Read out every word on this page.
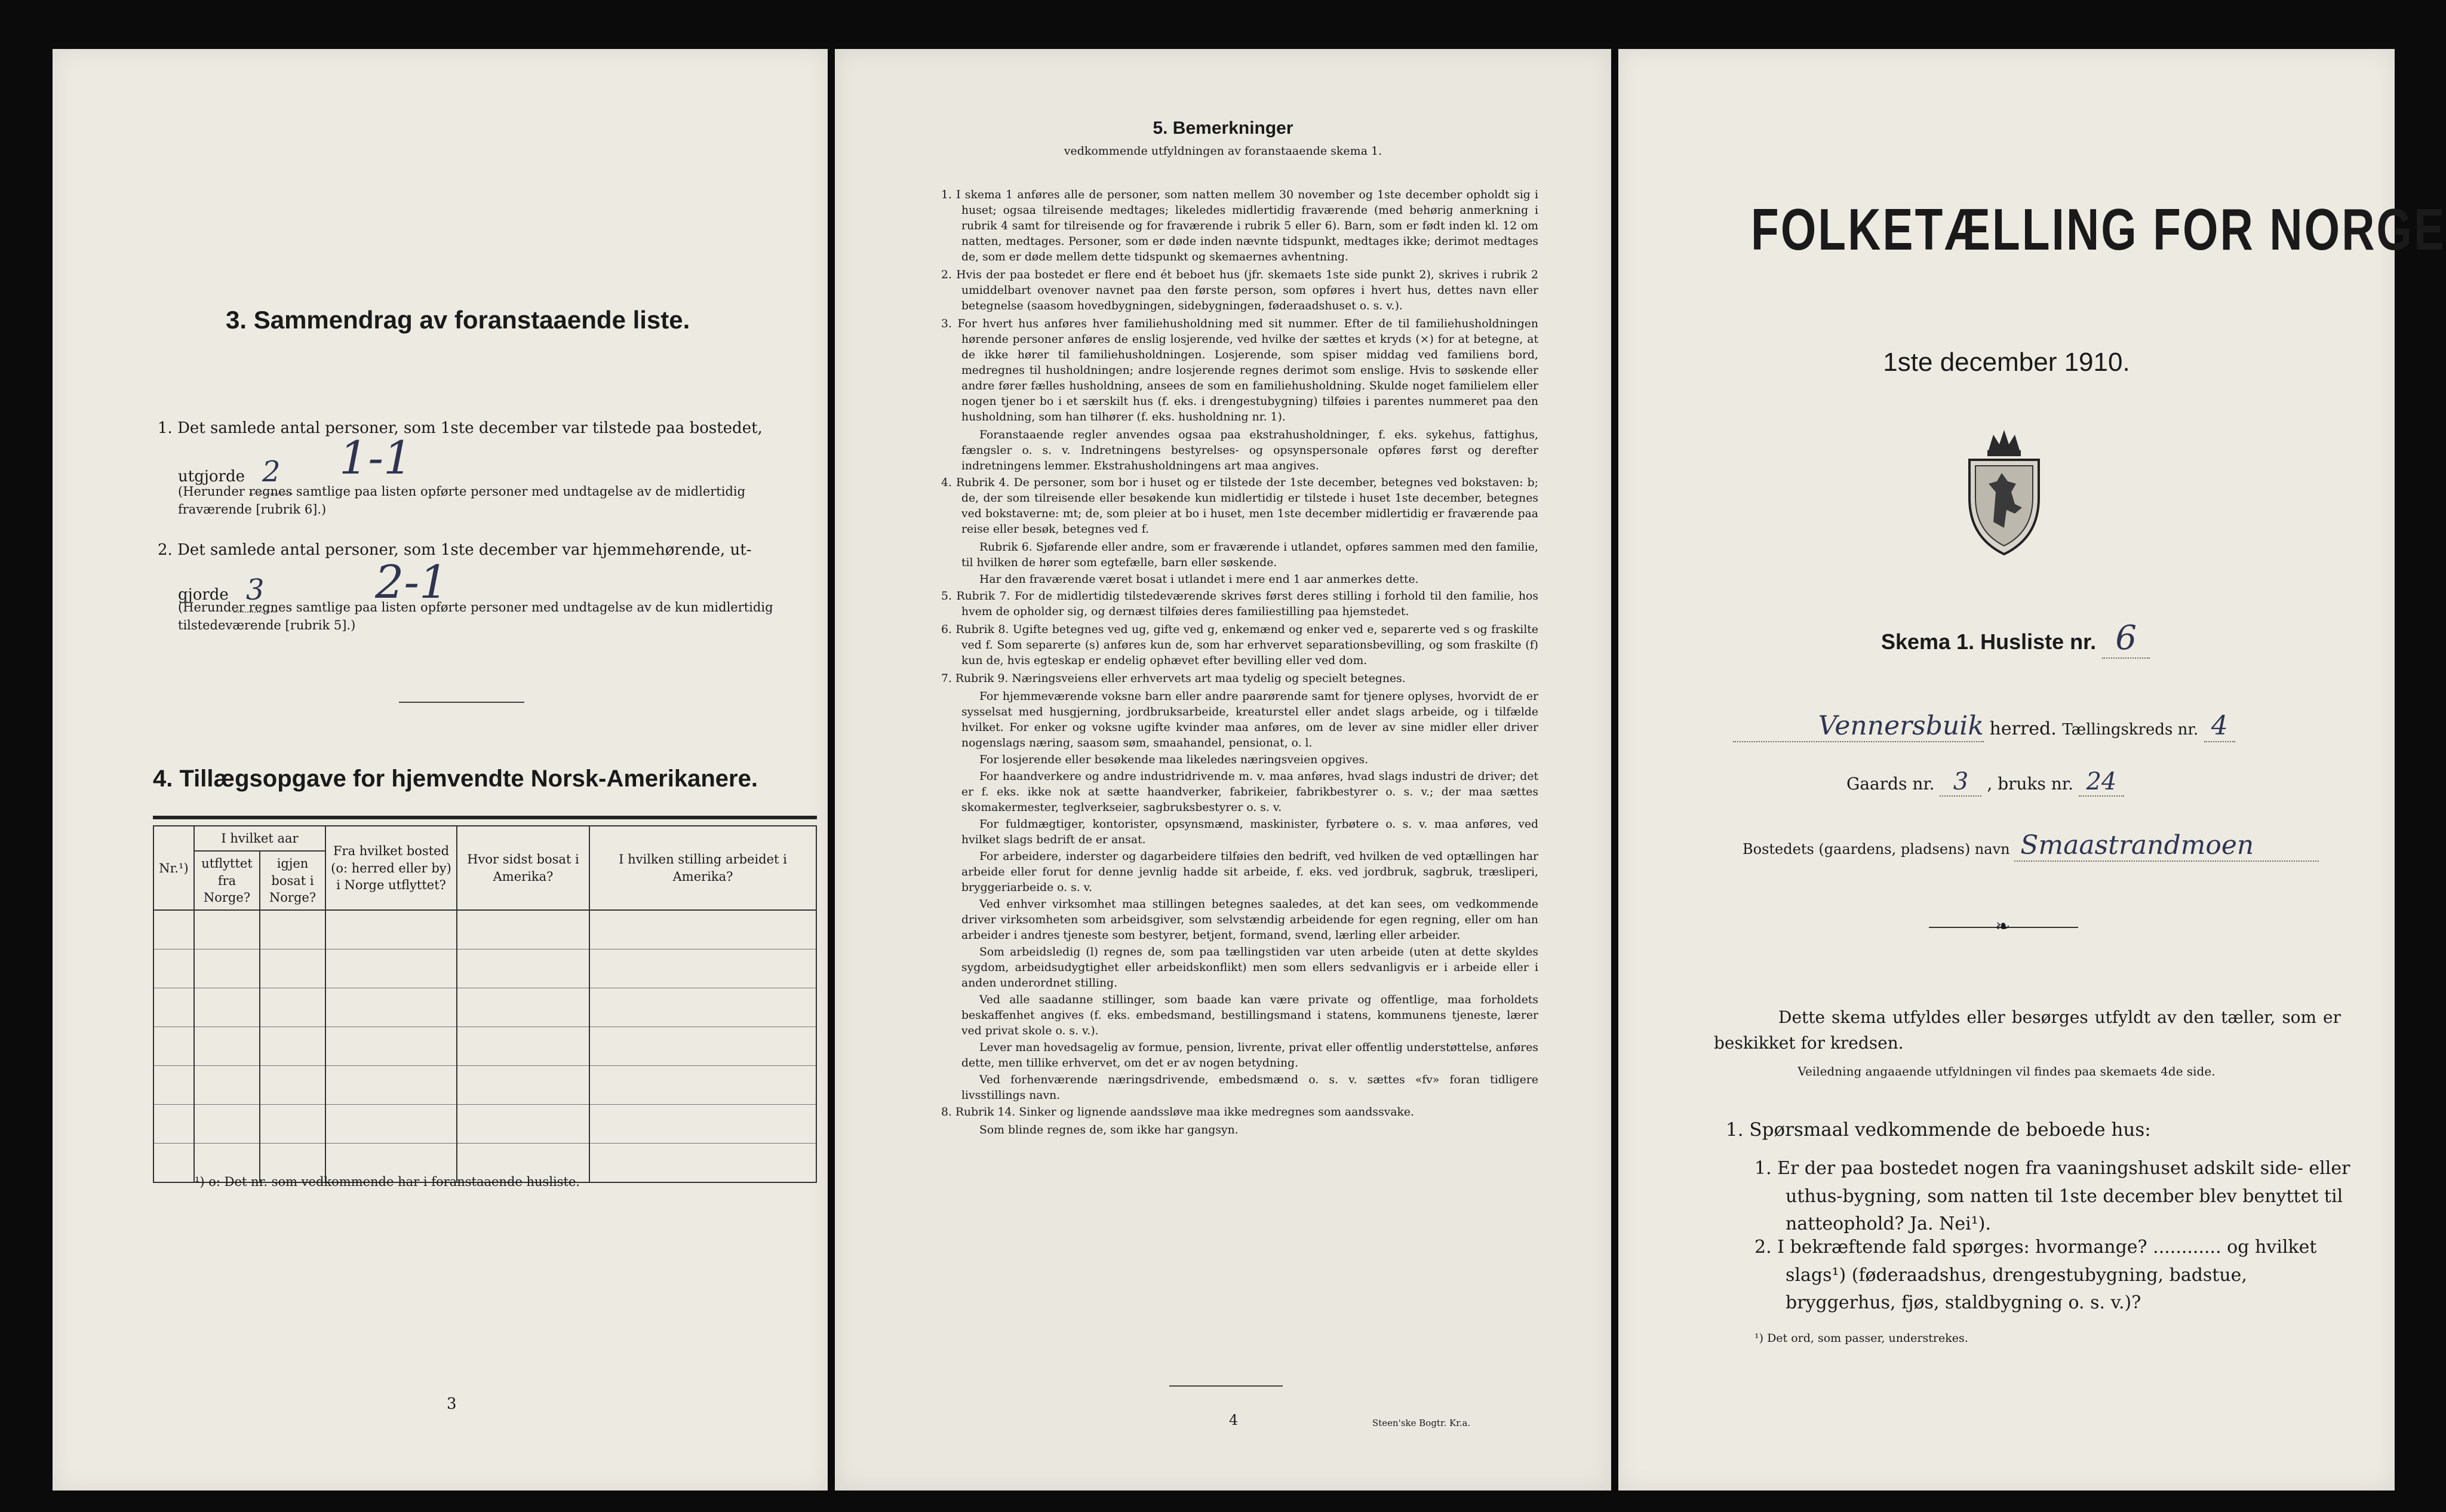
3. Sammendrag av foranstaaende liste.
1. Det samlede antal personer, som 1ste december var tilstede paa bostedet,
utgjorde 2 1-1
(Herunder regnes samtlige paa listen opførte personer med undtagelse av de midlertidig fraværende [rubrik 6].)
2. Det samlede antal personer, som 1ste december var hjemmehørende, ut-
gjorde 3 2-1
(Herunder regnes samtlige paa listen opførte personer med undtagelse av de kun midlertidig tilstedeværende [rubrik 5].)
4. Tillægsopgave for hjemvendte Norsk-Amerikanere.
Nr.¹)	I hvilket aar		Fra hvilket bosted (o: herred eller by) i Norge utflyttet?	Hvor sidst bosat i Amerika?	I hvilken stilling arbeidet i Amerika?
	utflyttet fra Norge?	igjen bosat i Norge?			

¹) o: Det nr. som vedkommende har i foranstaaende husliste.
3
5. Bemerkninger
vedkommende utfyldningen av foranstaaende skema 1.

1. I skema 1 anføres alle de personer, som natten mellem 30 november og 1ste december opholdt sig i huset; ogsaa tilreisende medtages; likeledes midlertidig fraværende (med behørig anmerkning i rubrik 4 samt for tilreisende og for fraværende i rubrik 5 eller 6). Barn, som er født inden kl. 12 om natten, medtages. Personer, som er døde inden nævnte tidspunkt, medtages ikke; derimot medtages de, som er døde mellem dette tidspunkt og skemaernes avhentning.

2. Hvis der paa bostedet er flere end ét beboet hus (jfr. skemaets 1ste side punkt 2), skrives i rubrik 2 umiddelbart ovenover navnet paa den første person, som opføres i hvert hus, dettes navn eller betegnelse (saasom hovedbygningen, sidebygningen, føderaadshuset o. s. v.).

3. For hvert hus anføres hver familiehusholdning med sit nummer. Efter de til familiehusholdningen hørende personer anføres de enslig losjerende, ved hvilke der sættes et kryds (×) for at betegne, at de ikke hører til familiehusholdningen. Losjerende, som spiser middag ved familiens bord, medregnes til husholdningen; andre losjerende regnes derimot som enslige. Hvis to søskende eller andre fører fælles husholdning, ansees de som en familiehusholdning. Skulde noget familielem eller nogen tjener bo i et særskilt hus (f. eks. i drengestubygning) tilføies i parentes nummeret paa den husholdning, som han tilhører (f. eks. husholdning nr. 1).

Foranstaaende regler anvendes ogsaa paa ekstrahusholdninger, f. eks. sykehus, fattighus, fængsler o. s. v. Indretningens bestyrelses- og opsynspersonale opføres først og derefter indretningens lemmer. Ekstrahusholdningens art maa angives.

4. Rubrik 4. De personer, som bor i huset og er tilstede der 1ste december, betegnes ved bokstaven: b; de, der som tilreisende eller besøkende kun midlertidig er tilstede i huset 1ste december, betegnes ved bokstaverne: mt; de, som pleier at bo i huset, men 1ste december midlertidig er fraværende paa reise eller besøk, betegnes ved f.

Rubrik 6. Sjøfarende eller andre, som er fraværende i utlandet, opføres sammen med den familie, til hvilken de hører som egtefælle, barn eller søskende.

Har den fraværende været bosat i utlandet i mere end 1 aar anmerkes dette.

5. Rubrik 7. For de midlertidig tilstedeværende skrives først deres stilling i forhold til den familie, hos hvem de opholder sig, og dernæst tilføies deres familiestilling paa hjemstedet.

6. Rubrik 8. Ugifte betegnes ved ug, gifte ved g, enkemænd og enker ved e, separerte ved s og fraskilte ved f. Som separerte (s) anføres kun de, som har erhvervet separationsbevilling, og som fraskilte (f) kun de, hvis egteskap er endelig ophævet efter bevilling eller ved dom.

7. Rubrik 9. Næringsveiens eller erhvervets art maa tydelig og specielt betegnes.

For hjemmeværende voksne barn eller andre paarørende samt for tjenere oplyses, hvorvidt de er sysselsat med husgjerning, jordbruksarbeide, kreaturstel eller andet slags arbeide, og i tilfælde hvilket. For enker og voksne ugifte kvinder maa anføres, om de lever av sine midler eller driver nogenslags næring, saasom søm, smaahandel, pensionat, o. l.

For losjerende eller besøkende maa likeledes næringsveien opgives.

For haandverkere og andre industridrivende m. v. maa anføres, hvad slags industri de driver; det er f. eks. ikke nok at sætte haandverker, fabrikeier, fabrikbestyrer o. s. v.; der maa sættes skomakermester, teglverkseier, sagbruksbestyrer o. s. v.

For fuldmægtiger, kontorister, opsynsmænd, maskinister, fyrbøtere o. s. v. maa anføres, ved hvilket slags bedrift de er ansat.

For arbeidere, inderster og dagarbeidere tilføies den bedrift, ved hvilken de ved optællingen har arbeide eller forut for denne jevnlig hadde sit arbeide, f. eks. ved jordbruk, sagbruk, træsliperi, bryggeriarbeide o. s. v.

Ved enhver virksomhet maa stillingen betegnes saaledes, at det kan sees, om vedkommende driver virksomheten som arbeidsgiver, som selvstændig arbeidende for egen regning, eller om han arbeider i andres tjeneste som bestyrer, betjent, formand, svend, lærling eller arbeider.

Som arbeidsledig (l) regnes de, som paa tællingstiden var uten arbeide (uten at dette skyldes sygdom, arbeidsudygtighet eller arbeidskonflikt) men som ellers sedvanligvis er i arbeide eller i anden underordnet stilling.

Ved alle saadanne stillinger, som baade kan være private og offentlige, maa forholdets beskaffenhet angives (f. eks. embedsmand, bestillingsmand i statens, kommunens tjeneste, lærer ved privat skole o. s. v.).

Lever man hovedsagelig av formue, pension, livrente, privat eller offentlig understøttelse, anføres dette, men tillike erhvervet, om det er av nogen betydning.

Ved forhenværende næringsdrivende, embedsmænd o. s. v. sættes «fv» foran tidligere livsstillings navn.

8. Rubrik 14. Sinker og lignende aandssløve maa ikke medregnes som aandssvake.

Som blinde regnes de, som ikke har gangsyn.

4	Steen'ske Bogtr. Kr.a.
FOLKETÆLLING FOR NORGE
1ste december 1910.
Skema 1. Husliste nr. 6
Vennersbuik herred. Tællingskreds nr. 4
Gaards nr. 3 , bruks nr. 24
Bostedets (gaardens, pladsens) navn Smaastrandmoen
❧
Dette skema utfyldes eller besørges utfyldt av den tæller, som er beskikket for kredsen.
Veiledning angaaende utfyldningen vil findes paa skemaets 4de side.
1. Spørsmaal vedkommende de beboede hus:
1. Er der paa bostedet nogen fra vaaningshuset adskilt side- eller uthus-bygning, som natten til 1ste december blev benyttet til natteophold? Ja. Nei¹).
2. I bekræftende fald spørges: hvormange? ............ og hvilket slags¹) (føderaadshus, drengestubygning, badstue, bryggerhus, fjøs, staldbygning o. s. v.)?
¹) Det ord, som passer, understrekes.
